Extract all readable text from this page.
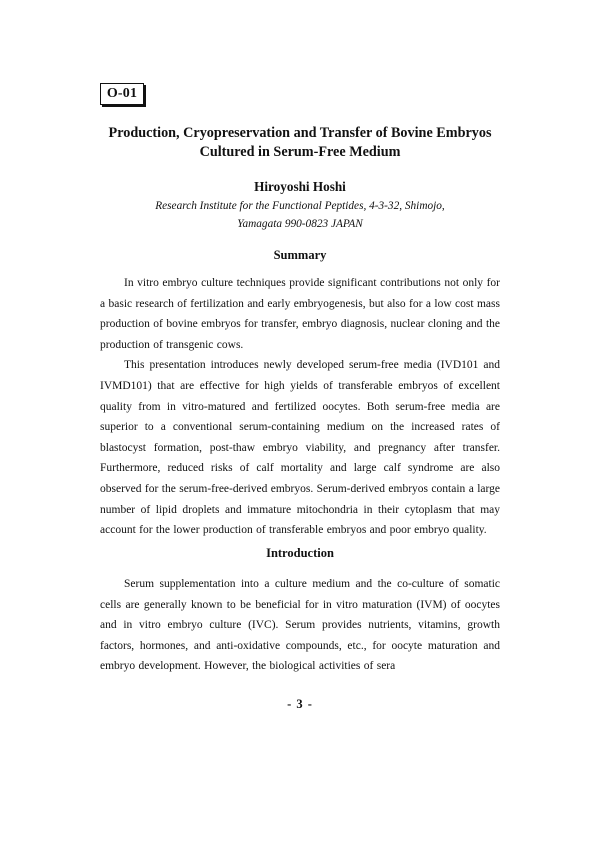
O-01
Production, Cryopreservation and Transfer of Bovine Embryos
Cultured in Serum-Free Medium
Hiroyoshi Hoshi
Research Institute for the Functional Peptides, 4-3-32, Shimojo,
Yamagata 990-0823 JAPAN
Summary

In vitro embryo culture techniques provide significant contributions not only for a basic research of fertilization and early embryogenesis, but also for a low cost mass production of bovine embryos for transfer, embryo diagnosis, nuclear cloning and the production of transgenic cows.

This presentation introduces newly developed serum-free media (IVD101 and IVMD101) that are effective for high yields of transferable embryos of excellent quality from in vitro-matured and fertilized oocytes. Both serum-free media are superior to a conventional serum-containing medium on the increased rates of blastocyst formation, post-thaw embryo viability, and pregnancy after transfer. Furthermore, reduced risks of calf mortality and large calf syndrome are also observed for the serum-free-derived embryos. Serum-derived embryos contain a large number of lipid droplets and immature mitochondria in their cytoplasm that may account for the lower production of transferable embryos and poor embryo quality.

Introduction

Serum supplementation into a culture medium and the co-culture of somatic cells are generally known to be beneficial for in vitro maturation (IVM) of oocytes and in vitro embryo culture (IVC). Serum provides nutrients, vitamins, growth factors, hormones, and anti-oxidative compounds, etc., for oocyte maturation and embryo development. However, the biological activities of sera

- 3 -
